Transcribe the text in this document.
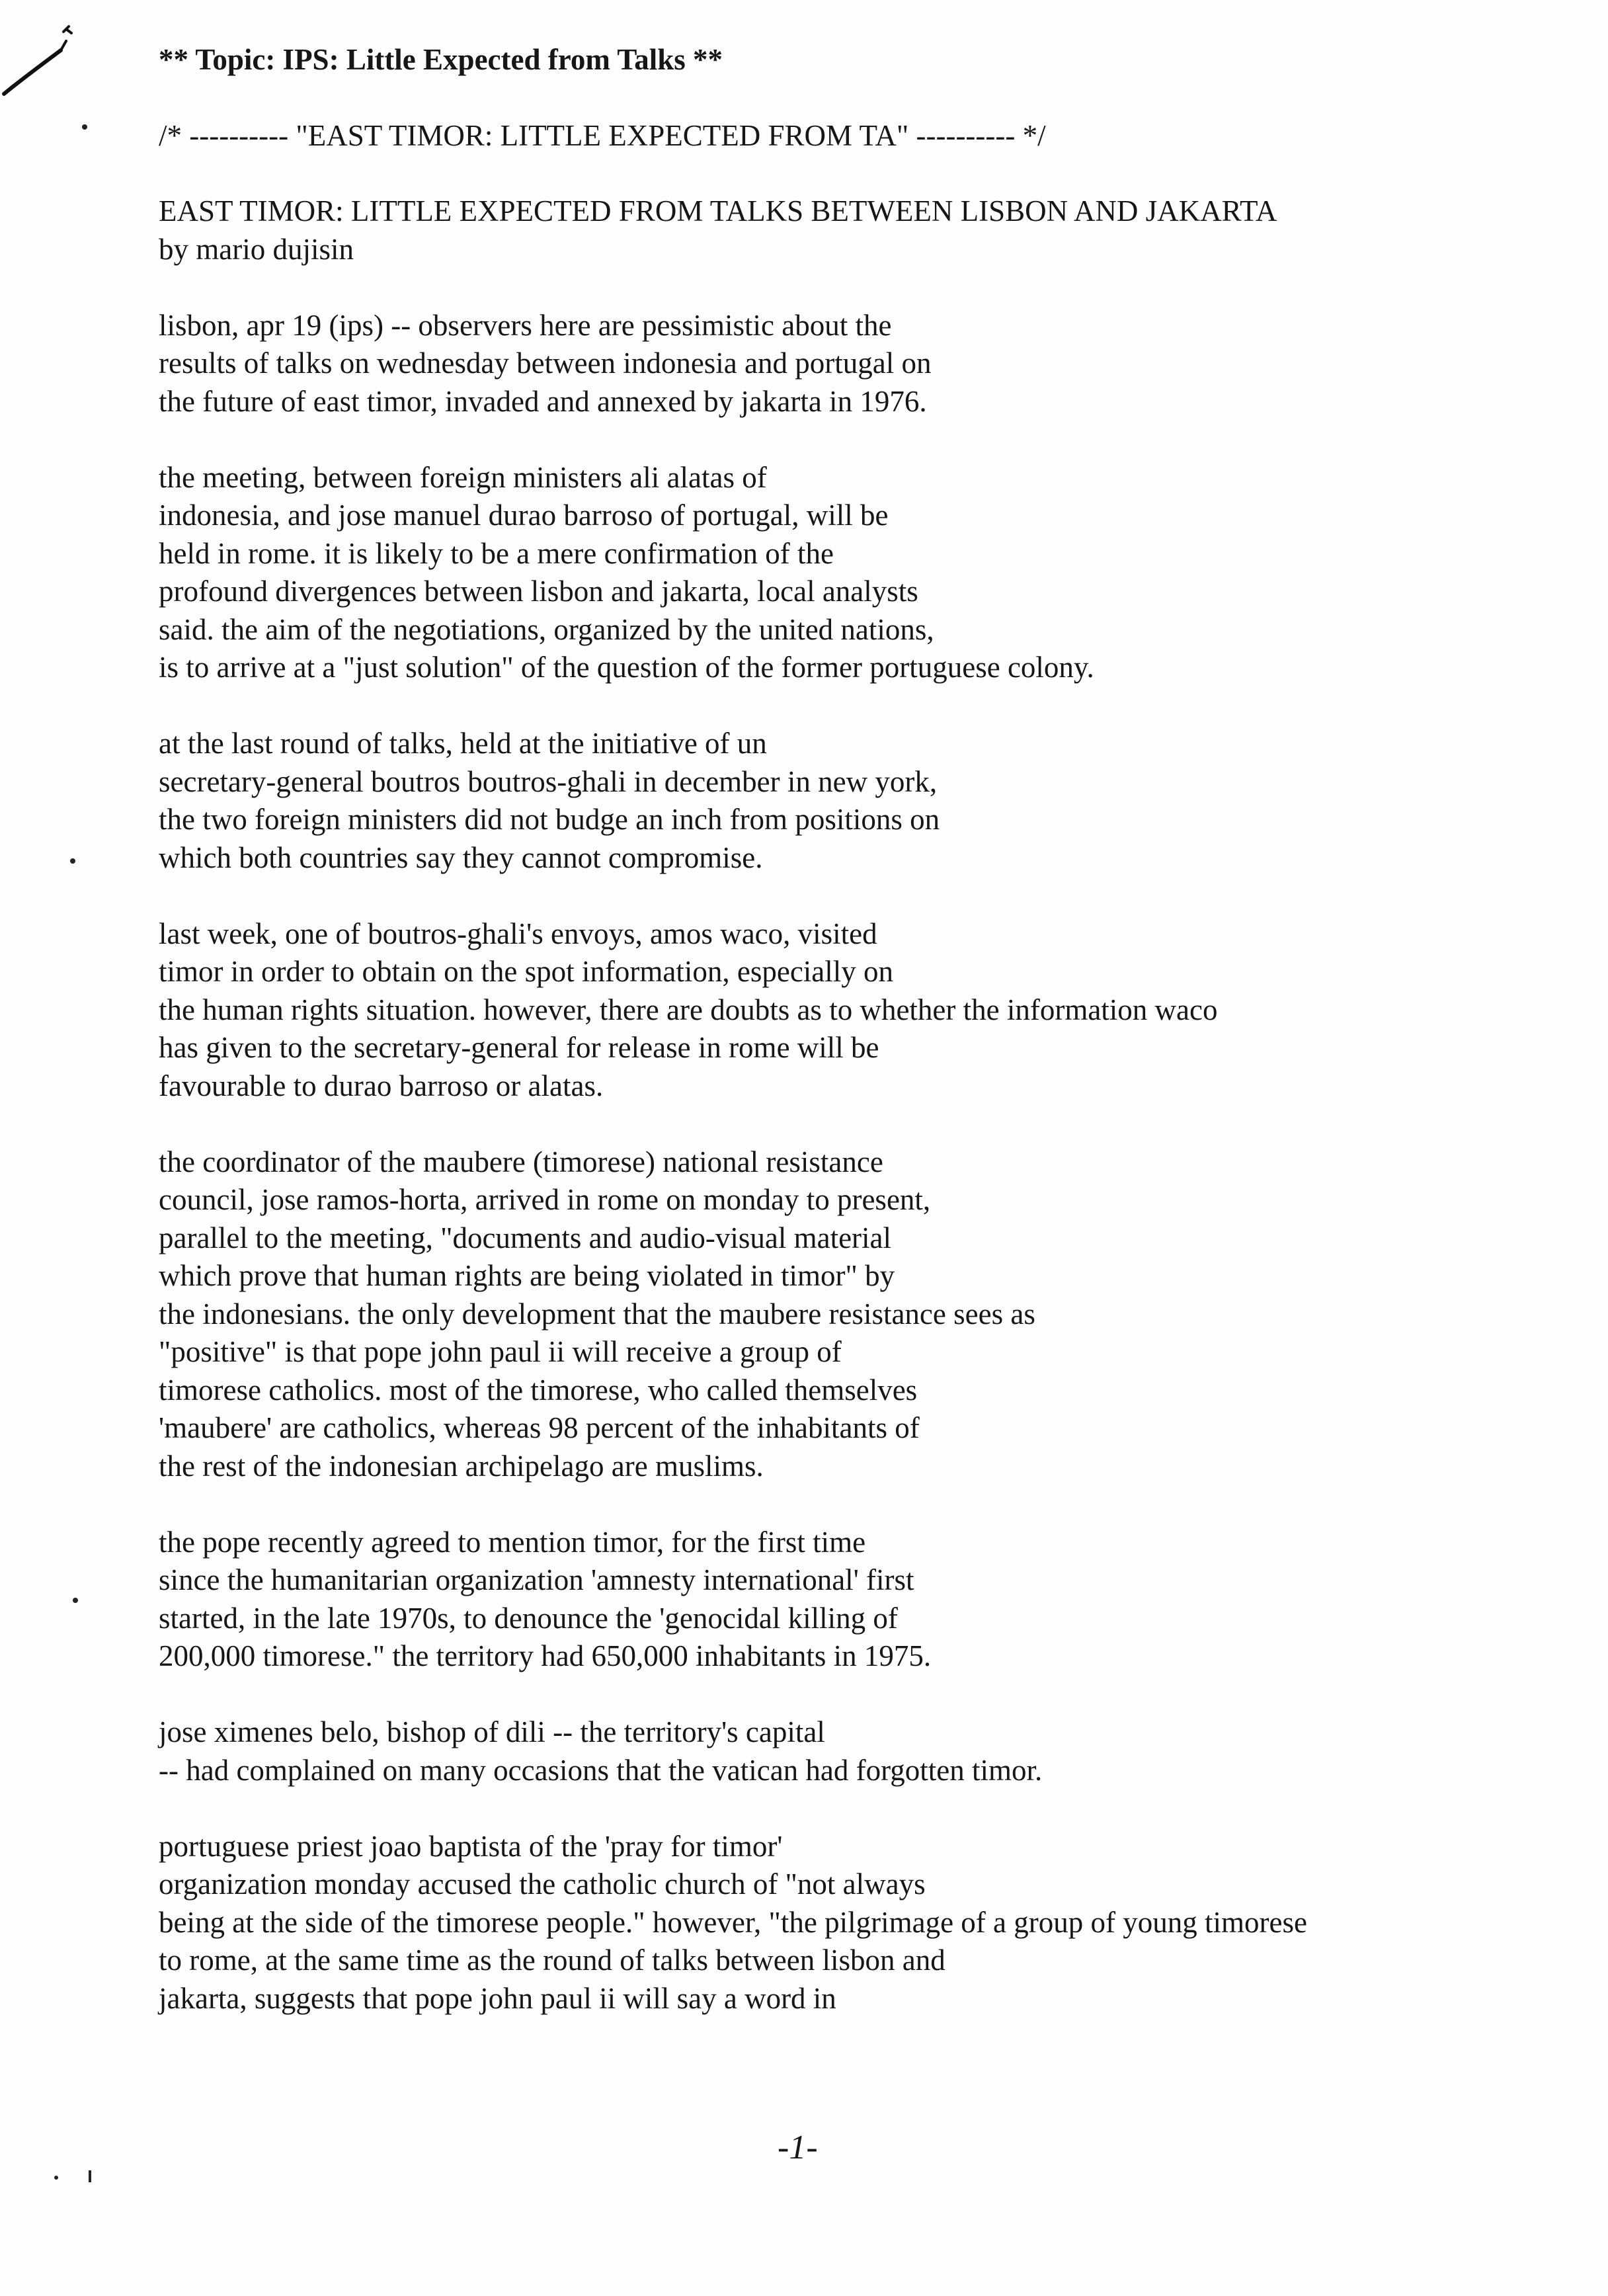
** Topic: IPS: Little Expected from Talks **

/* ---------- "EAST TIMOR: LITTLE EXPECTED FROM TA" ---------- */

EAST TIMOR: LITTLE EXPECTED FROM TALKS BETWEEN LISBON AND JAKARTA

by mario dujisin

lisbon, apr 19 (ips) -- observers here are pessimistic about the
results of talks on wednesday between indonesia and portugal on
the future of east timor, invaded and annexed by jakarta in 1976.
the meeting, between foreign ministers ali alatas of
indonesia, and jose manuel durao barroso of portugal, will be
held in rome. it is likely to be a mere confirmation of the
profound divergences between lisbon and jakarta, local analysts
said. the aim of the negotiations, organized by the united nations,
is to arrive at a "just solution" of the question of the former portuguese colony.
at the last round of talks, held at the initiative of un
secretary-general boutros boutros-ghali in december in new york,
the two foreign ministers did not budge an inch from positions on
which both countries say they cannot compromise.
last week, one of boutros-ghali's envoys, amos waco, visited
timor in order to obtain on the spot information, especially on
the human rights situation. however, there are doubts as to whether the information waco
has given to the secretary-general for release in rome will be
favourable to durao barroso or alatas.
the coordinator of the maubere (timorese) national resistance
council, jose ramos-horta, arrived in rome on monday to present,
parallel to the meeting, "documents and audio-visual material
which prove that human rights are being violated in timor" by
the indonesians. the only development that the maubere resistance sees as
"positive" is that pope john paul ii will receive a group of
timorese catholics. most of the timorese, who called themselves
'maubere' are catholics, whereas 98 percent of the inhabitants of
the rest of the indonesian archipelago are muslims.
the pope recently agreed to mention timor, for the first time
since the humanitarian organization 'amnesty international' first
started, in the late 1970s, to denounce the 'genocidal killing of
200,000 timorese." the territory had 650,000 inhabitants in 1975.
jose ximenes belo, bishop of dili -- the territory's capital
-- had complained on many occasions that the vatican had forgotten timor.
portuguese priest joao baptista of the 'pray for timor'
organization monday accused the catholic church of "not always
being at the side of the timorese people." however, "the pilgrimage of a group of young timorese
to rome, at the same time as the round of talks between lisbon and
jakarta, suggests that pope john paul ii will say a word in
-1-
